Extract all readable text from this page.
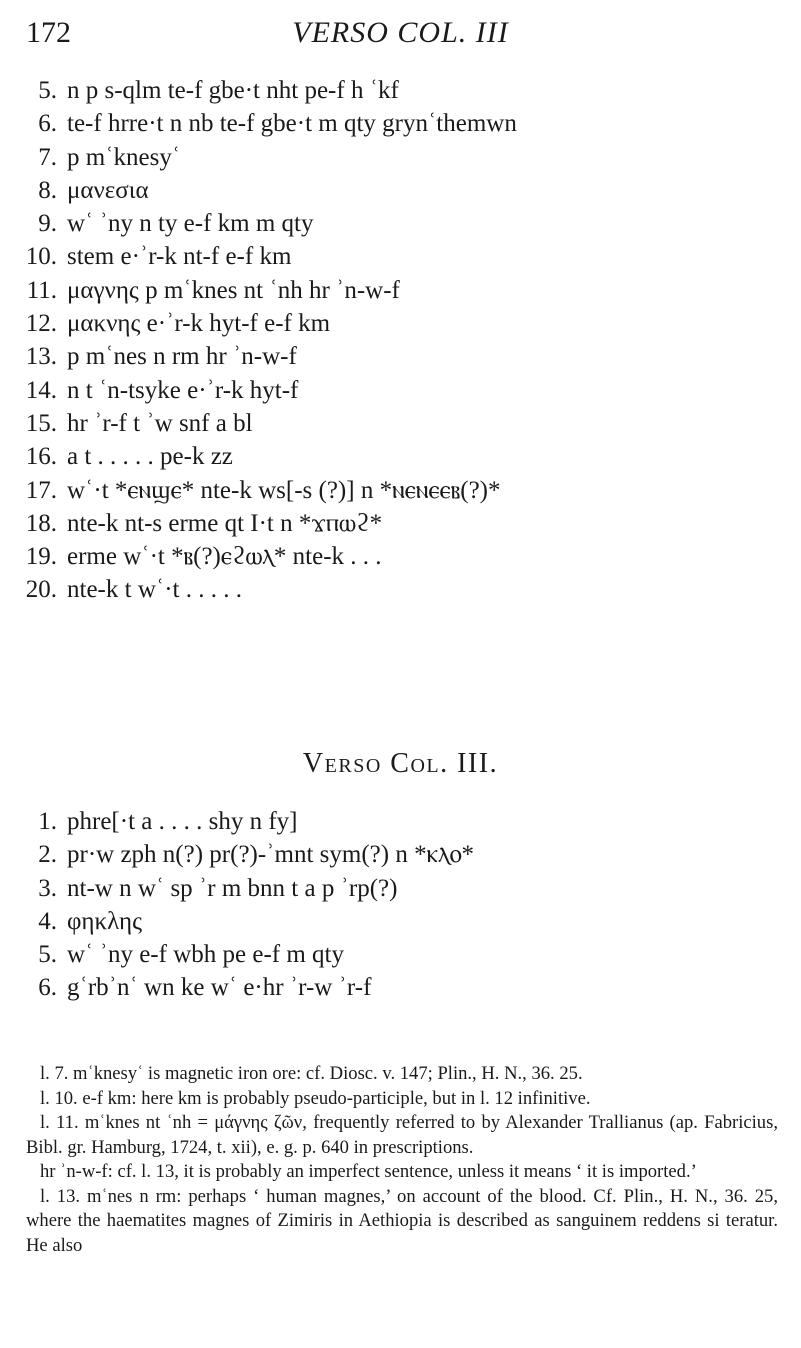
172	VERSO COL. III
5. n p s-qlm te-f gbe·t nht pe-f h ʿkf
6. te-f hrre·t n nb te-f gbe·t m qty grynʿthemwn
7. p mʿknesyʿ
8. μανεσια
9. wʿ ʾny n ty e-f km m qty
10. stem e·ʾr-k nt-f e-f km
11. μαγνης p mʿknes nt ʿnh hr ʾn-w-f
12. μακνης e·ʾr-k hyt-f e-f km
13. p mʿnes n rm hr ʾn-w-f
14. n t ʿn-tsyke e·ʾr-k hyt-f
15. hr ʾr-f t ʾw snf a bl
16. a t . . . . . pe-k zz
17. wʿ·t *ⲉⲛϣⲉ* nte-k ws[-s (?)] n *ⲛⲉⲛⲉⲉⲃ(?)*
18. nte-k nt-s erme qt I·t n *ϫⲡⲱϩ*
19. erme wʿ·t *ⲃ(?)ⲉϩⲱⲗ* nte-k . . .
20. nte-k t wʿ·t . . . . .
Verso Col. III.
1. phre[·t a . . . . shy n fy]
2. pr·w zph n(?) pr(?)-ʾmnt sym(?) n *ⲕⲗⲟ*
3. nt-w n wʿ sp ʾr m bnn t a p ʾrp(?)
4. φηκλης
5. wʿ ʾny e-f wbh pe e-f m qty
6. gʿrbʾnʿ wn ke wʿ e·hr ʾr-w ʾr-f

l. 7. mʿknesyʿ is magnetic iron ore: cf. Diosc. v. 147; Plin., H. N., 36. 25.

l. 10. e-f km: here km is probably pseudo-participle, but in l. 12 infinitive.

l. 11. mʿknes nt ʿnh = μάγνης ζῶν, frequently referred to by Alexander Trallianus (ap. Fabricius, Bibl. gr. Hamburg, 1724, t. xii), e. g. p. 640 in prescriptions.

hr ʾn-w-f: cf. l. 13, it is probably an imperfect sentence, unless it means ‘ it is imported.’

l. 13. mʿnes n rm: perhaps ‘ human magnes,’ on account of the blood. Cf. Plin., H. N., 36. 25, where the haematites magnes of Zimiris in Aethiopia is described as sanguinem reddens si teratur. He also
